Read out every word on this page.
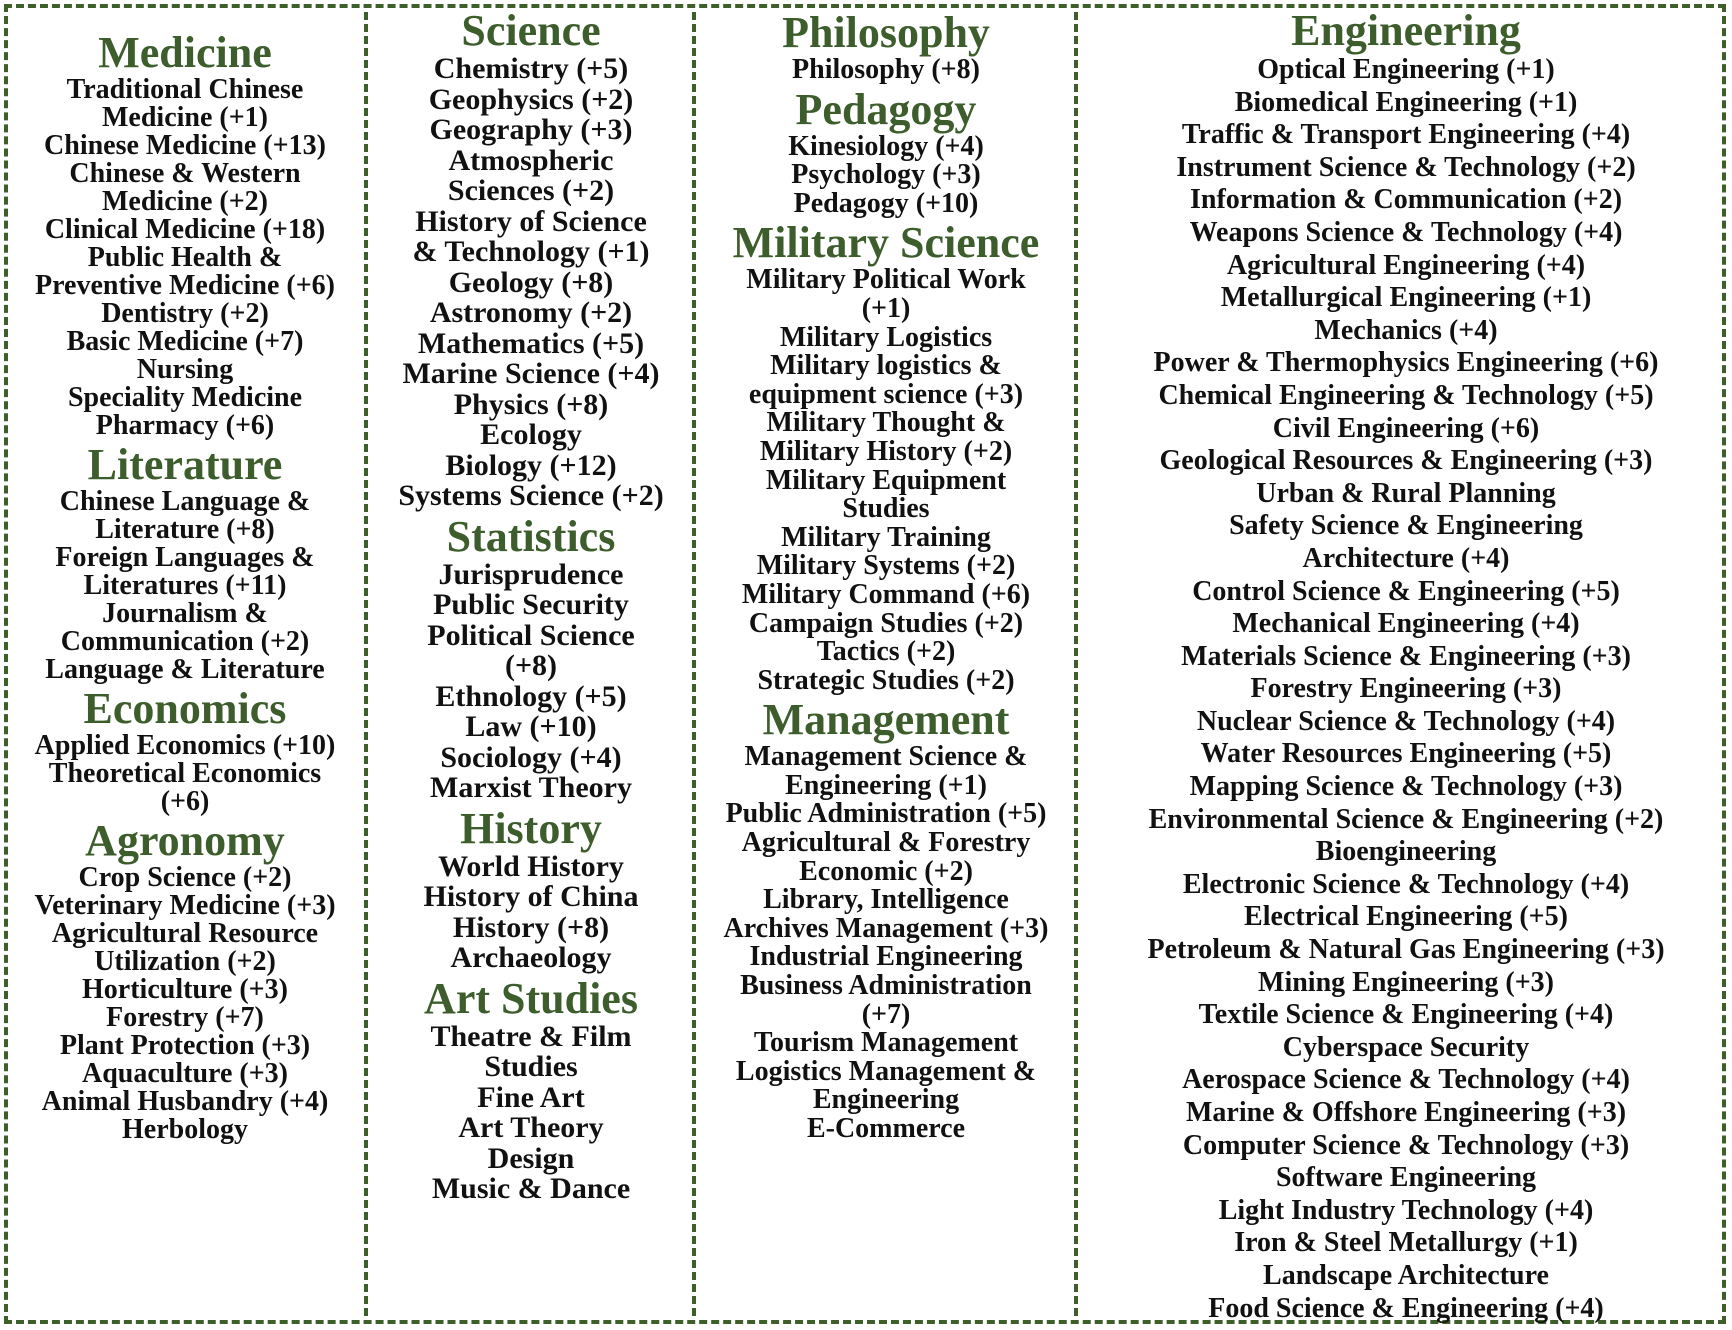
Medicine
Traditional Chinese
Medicine (+1)
Chinese Medicine (+13)
Chinese & Western
Medicine (+2)
Clinical Medicine (+18)
Public Health &
Preventive Medicine (+6)
Dentistry (+2)
Basic Medicine (+7)
Nursing
Speciality Medicine
Pharmacy (+6)
Literature
Chinese Language &
Literature (+8)
Foreign Languages &
Literatures (+11)
Journalism &
Communication (+2)
Language & Literature
Economics
Applied Economics (+10)
Theoretical Economics
(+6)
Agronomy
Crop Science (+2)
Veterinary Medicine (+3)
Agricultural Resource
Utilization (+2)
Horticulture (+3)
Forestry (+7)
Plant Protection (+3)
Aquaculture (+3)
Animal Husbandry (+4)
Herbology
Science
Chemistry (+5)
Geophysics (+2)
Geography (+3)
Atmospheric
Sciences (+2)
History of Science
& Technology (+1)
Geology (+8)
Astronomy (+2)
Mathematics (+5)
Marine Science (+4)
Physics (+8)
Ecology
Biology (+12)
Systems Science (+2)
Statistics
Jurisprudence
Public Security
Political Science
(+8)
Ethnology (+5)
Law (+10)
Sociology (+4)
Marxist Theory
History
World History
History of China
History (+8)
Archaeology
Art Studies
Theatre & Film
Studies
Fine Art
Art Theory
Design
Music & Dance
Philosophy
Philosophy (+8)
Pedagogy
Kinesiology (+4)
Psychology (+3)
Pedagogy (+10)
Military Science
Military Political Work
(+1)
Military Logistics
Military logistics &
equipment science (+3)
Military Thought &
Military History (+2)
Military Equipment
Studies
Military Training
Military Systems (+2)
Military Command (+6)
Campaign Studies (+2)
Tactics (+2)
Strategic Studies (+2)
Management
Management Science &
Engineering (+1)
Public Administration (+5)
Agricultural & Forestry
Economic (+2)
Library, Intelligence
Archives Management (+3)
Industrial Engineering
Business Administration
(+7)
Tourism Management
Logistics Management &
Engineering
E-Commerce
Engineering
Optical Engineering (+1)
Biomedical Engineering (+1)
Traffic & Transport Engineering (+4)
Instrument Science & Technology (+2)
Information & Communication (+2)
Weapons Science & Technology (+4)
Agricultural Engineering (+4)
Metallurgical Engineering (+1)
Mechanics (+4)
Power & Thermophysics Engineering (+6)
Chemical Engineering & Technology (+5)
Civil Engineering (+6)
Geological Resources & Engineering (+3)
Urban & Rural Planning
Safety Science & Engineering
Architecture (+4)
Control Science & Engineering (+5)
Mechanical Engineering (+4)
Materials Science & Engineering (+3)
Forestry Engineering (+3)
Nuclear Science & Technology (+4)
Water Resources Engineering (+5)
Mapping Science & Technology (+3)
Environmental Science & Engineering (+2)
Bioengineering
Electronic Science & Technology (+4)
Electrical Engineering (+5)
Petroleum & Natural Gas Engineering (+3)
Mining Engineering (+3)
Textile Science & Engineering (+4)
Cyberspace Security
Aerospace Science & Technology (+4)
Marine & Offshore Engineering (+3)
Computer Science & Technology (+3)
Software Engineering
Light Industry Technology (+4)
Iron & Steel Metallurgy (+1)
Landscape Architecture
Food Science & Engineering (+4)
